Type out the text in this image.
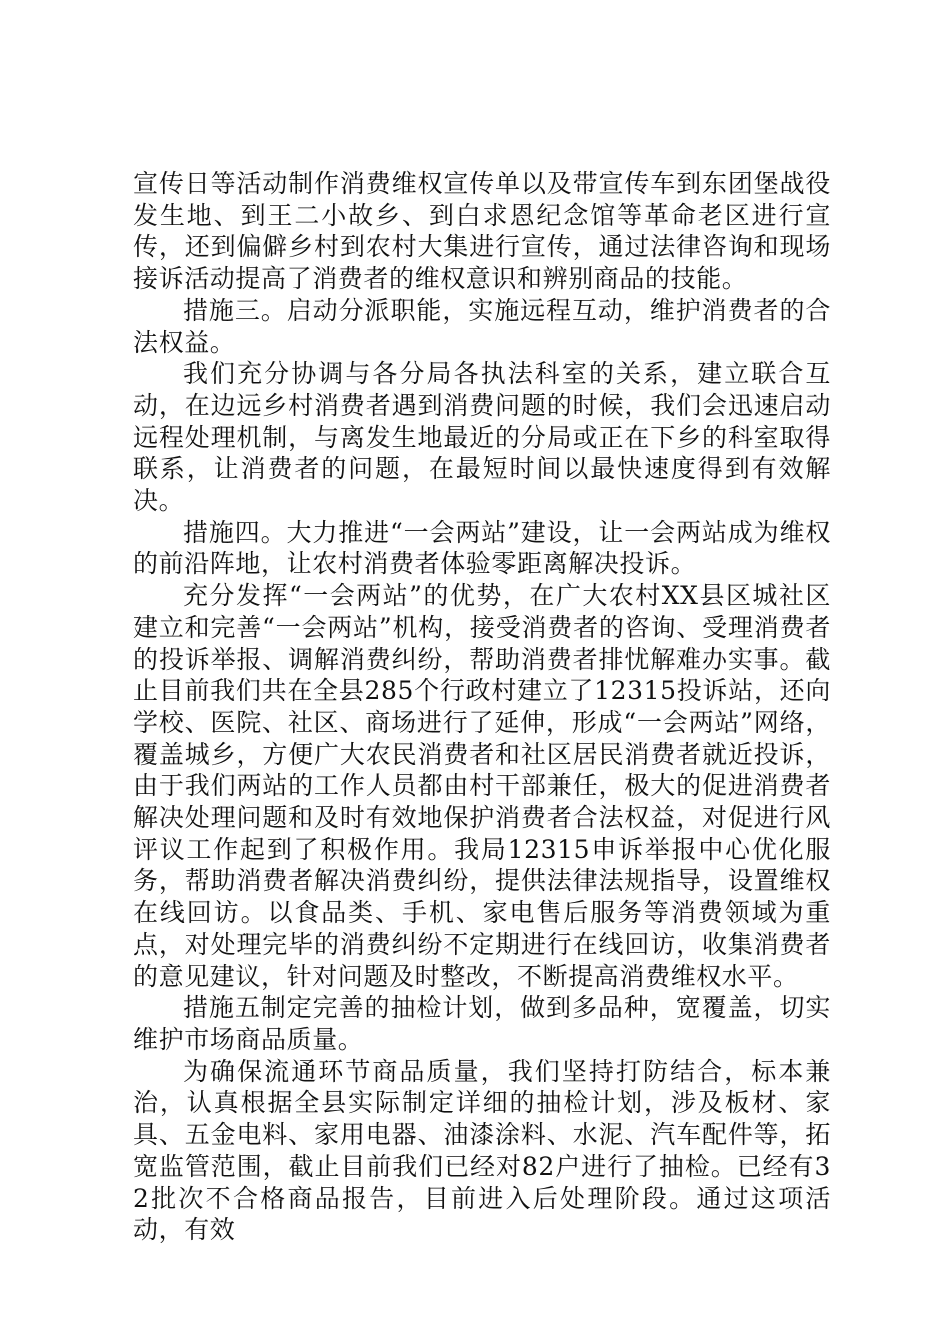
宣传日等活动制作消费维权宣传单以及带宣传车到东团堡战役发生地、到王二小故乡、到白求恩纪念馆等革命老区进行宣传，还到偏僻乡村到农村大集进行宣传，通过法律咨询和现场接诉活动提高了消费者的维权意识和辨别商品的技能。

措施三。启动分派职能，实施远程互动，维护消费者的合法权益。

我们充分协调与各分局各执法科室的关系，建立联合互动，在边远乡村消费者遇到消费问题的时候，我们会迅速启动远程处理机制，与离发生地最近的分局或正在下乡的科室取得联系，让消费者的问题，在最短时间以最快速度得到有效解决。

措施四。大力推进“一会两站”建设，让一会两站成为维权的前沿阵地，让农村消费者体验零距离解决投诉。

充分发挥“一会两站”的优势，在广大农村XX县区城社区建立和完善“一会两站”机构，接受消费者的咨询、受理消费者的投诉举报、调解消费纠纷，帮助消费者排忧解难办实事。截止目前我们共在全县285个行政村建立了12315投诉站，还向学校、医院、社区、商场进行了延伸，形成“一会两站”网络，覆盖城乡，方便广大农民消费者和社区居民消费者就近投诉，由于我们两站的工作人员都由村干部兼任，极大的促进消费者解决处理问题和及时有效地保护消费者合法权益，对促进行风评议工作起到了积极作用。我局12315申诉举报中心优化服务，帮助消费者解决消费纠纷，提供法律法规指导，设置维权在线回访。以食品类、手机、家电售后服务等消费领域为重点，对处理完毕的消费纠纷不定期进行在线回访，收集消费者的意见建议，针对问题及时整改，不断提高消费维权水平。

措施五制定完善的抽检计划，做到多品种，宽覆盖，切实维护市场商品质量。

为确保流通环节商品质量，我们坚持打防结合，标本兼治，认真根据全县实际制定详细的抽检计划，涉及板材、家具、五金电料、家用电器、油漆涂料、水泥、汽车配件等，拓宽监管范围，截止目前我们已经对82户进行了抽检。已经有32批次不合格商品报告，目前进入后处理阶段。通过这项活动，有效
